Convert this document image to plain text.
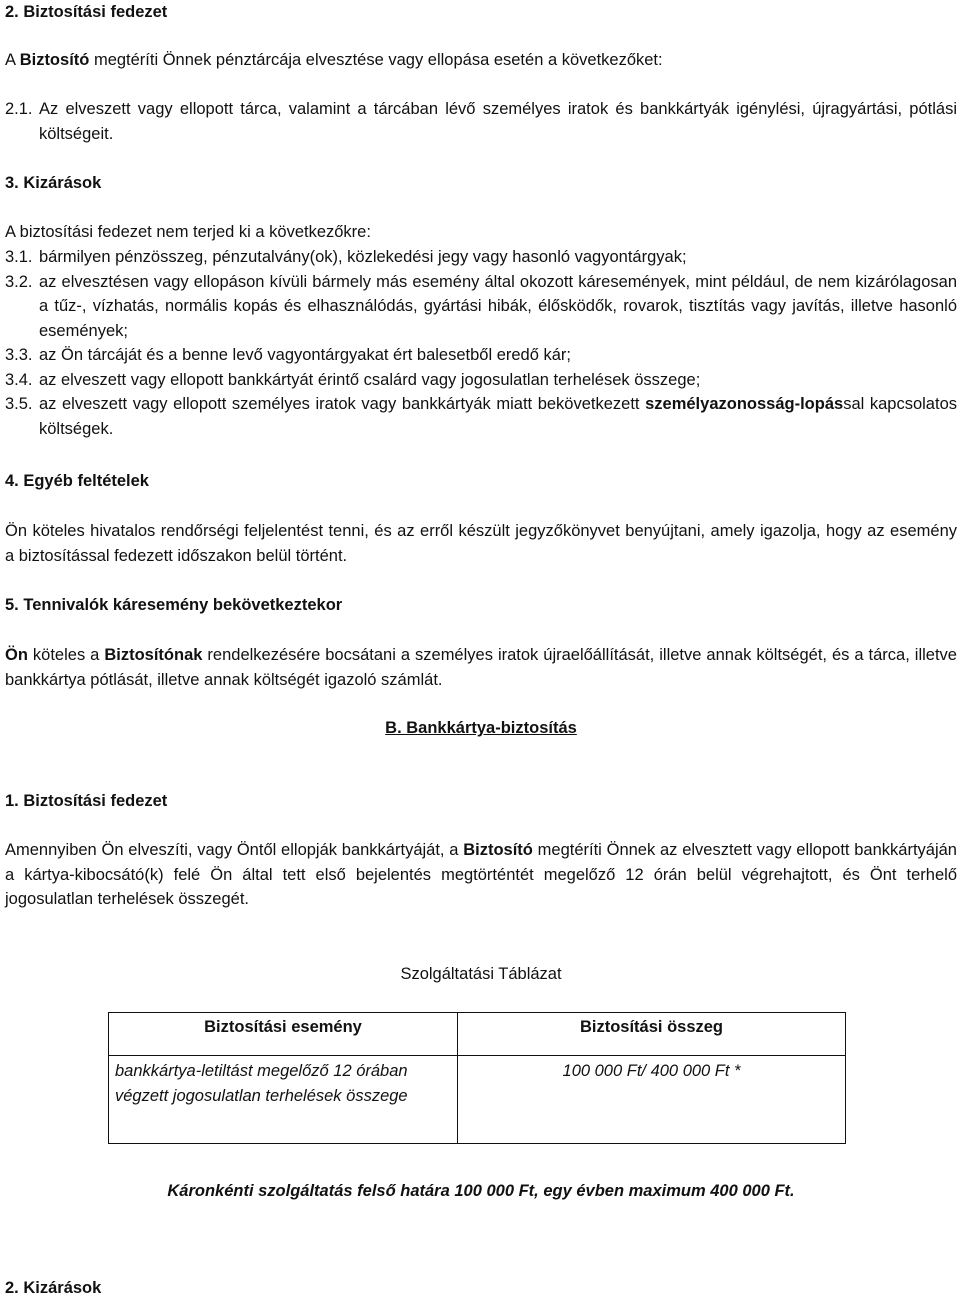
2. Biztosítási fedezet

A Biztosító megtéríti Önnek pénztárcája elvesztése vagy ellopása esetén a következőket:

2.1. Az elveszett vagy ellopott tárca, valamint a tárcában lévő személyes iratok és bankkártyák igénylési, újragyártási, pótlási költségeit.

3. Kizárások

A biztosítási fedezet nem terjed ki a következőkre:

3.1. bármilyen pénzösszeg, pénzutalvány(ok), közlekedési jegy vagy hasonló vagyontárgyak;
3.2. az elvesztésen vagy ellopáson kívüli bármely más esemény által okozott káresemények, mint például, de nem kizárólagosan a tűz-, vízhatás, normális kopás és elhasználódás, gyártási hibák, élősködők, rovarok, tisztítás vagy javítás, illetve hasonló események;
3.3. az Ön tárcáját és a benne levő vagyontárgyakat ért balesetből eredő kár;
3.4. az elveszett vagy ellopott bankkártyát érintő csalárd vagy jogosulatlan terhelések összege;
3.5. az elveszett vagy ellopott személyes iratok vagy bankkártyák miatt bekövetkezett személyazonosság-lopással kapcsolatos költségek.

4. Egyéb feltételek

Ön köteles hivatalos rendőrségi feljelentést tenni, és az erről készült jegyzőkönyvet benyújtani, amely igazolja, hogy az esemény a biztosítással fedezett időszakon belül történt.

5. Tennivalók káresemény bekövetkeztekor

Ön köteles a Biztosítónak rendelkezésére bocsátani a személyes iratok újraelőállítását, illetve annak költségét, és a tárca, illetve bankkártya pótlását, illetve annak költségét igazoló számlát.

B. Bankkártya-biztosítás

1. Biztosítási fedezet

Amennyiben Ön elveszíti, vagy Öntől ellopják bankkártyáját, a Biztosító megtéríti Önnek az elvesztett vagy ellopott bankkártyáján a kártya-kibocsátó(k) felé Ön által tett első bejelentés megtörténtét megelőző 12 órán belül végrehajtott, és Önt terhelő jogosulatlan terhelések összegét.

Szolgáltatási Táblázat

Biztosítási esemény	Biztosítási összeg
bankkártya-letiltást megelőző 12 órában végzett jogosulatlan terhelések összege	100 000 Ft/ 400 000 Ft *

Káronkénti szolgáltatás felső határa 100 000 Ft, egy évben maximum 400 000 Ft.

2. Kizárások
